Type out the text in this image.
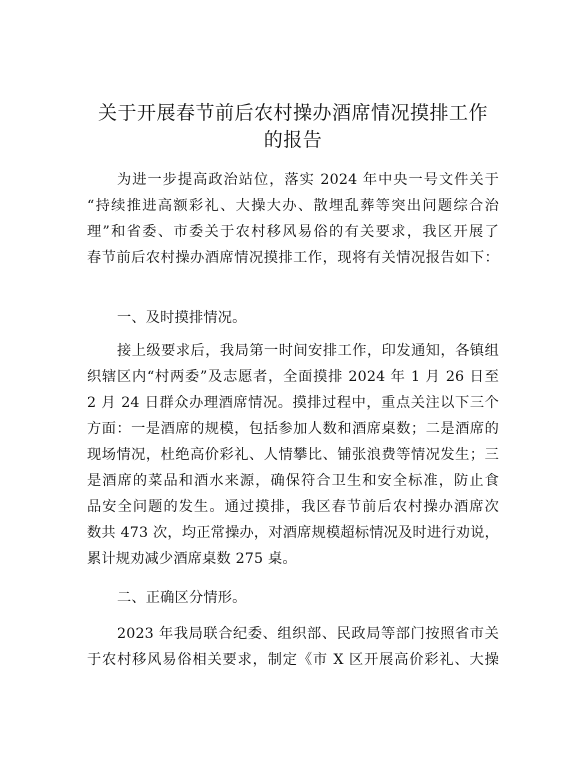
关于开展春节前后农村操办酒席情况摸排工作
的报告

为进一步提高政治站位，落实 2024 年中央一号文件关于

“持续推进高额彩礼、大操大办、散埋乱葬等突出问题综合治

理”和省委、市委关于农村移风易俗的有关要求，我区开展了

春节前后农村操办酒席情况摸排工作，现将有关情况报告如下：

一、及时摸排情况。

接上级要求后，我局第一时间安排工作，印发通知，各镇组

织辖区内“村两委”及志愿者，全面摸排 2024 年 1 月 26 日至

2 月 24 日群众办理酒席情况。摸排过程中，重点关注以下三个

方面：一是酒席的规模，包括参加人数和酒席桌数；二是酒席的

现场情况，杜绝高价彩礼、人情攀比、铺张浪费等情况发生；三

是酒席的菜品和酒水来源，确保符合卫生和安全标准，防止食

品安全问题的发生。通过摸排，我区春节前后农村操办酒席次

数共 473 次，均正常操办，对酒席规模超标情况及时进行劝说，

累计规劝减少酒席桌数 275 桌。

二、正确区分情形。

2023 年我局联合纪委、组织部、民政局等部门按照省市关

于农村移风易俗相关要求，制定《市 X 区开展高价彩礼、大操
